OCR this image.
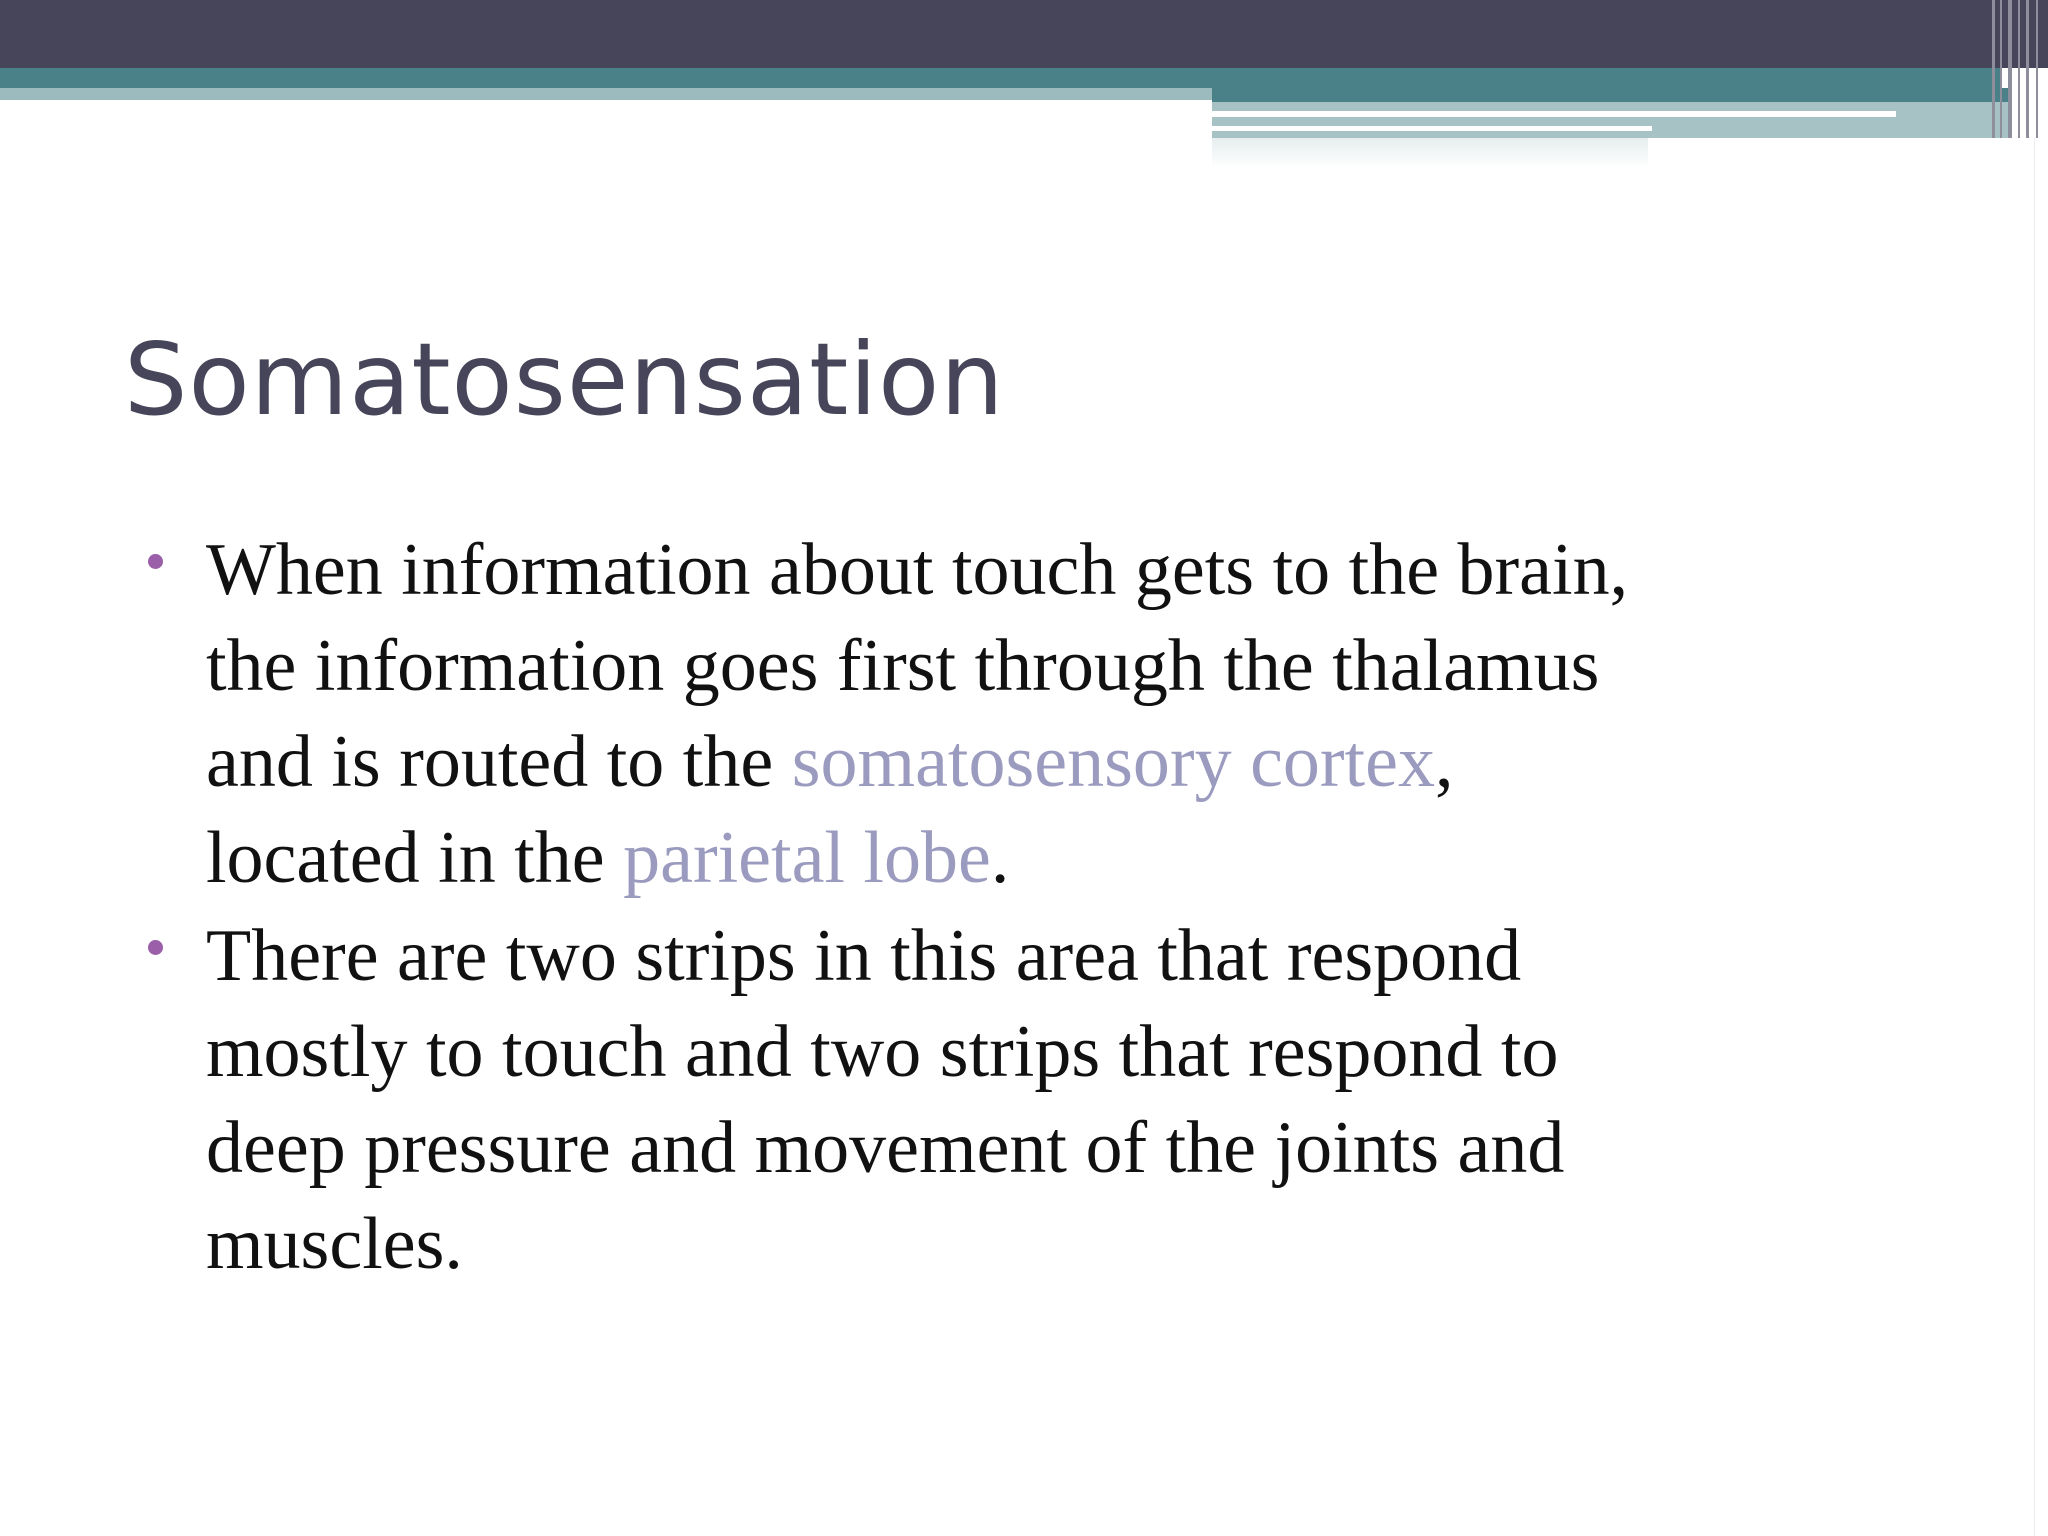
Somatosensation

When information about touch gets to the brain,
the information goes first through the thalamus
and is routed to the somatosensory cortex,
located in the parietal lobe.

There are two strips in this area that respond
mostly to touch and two strips that respond to
deep pressure and movement of the joints and
muscles.
